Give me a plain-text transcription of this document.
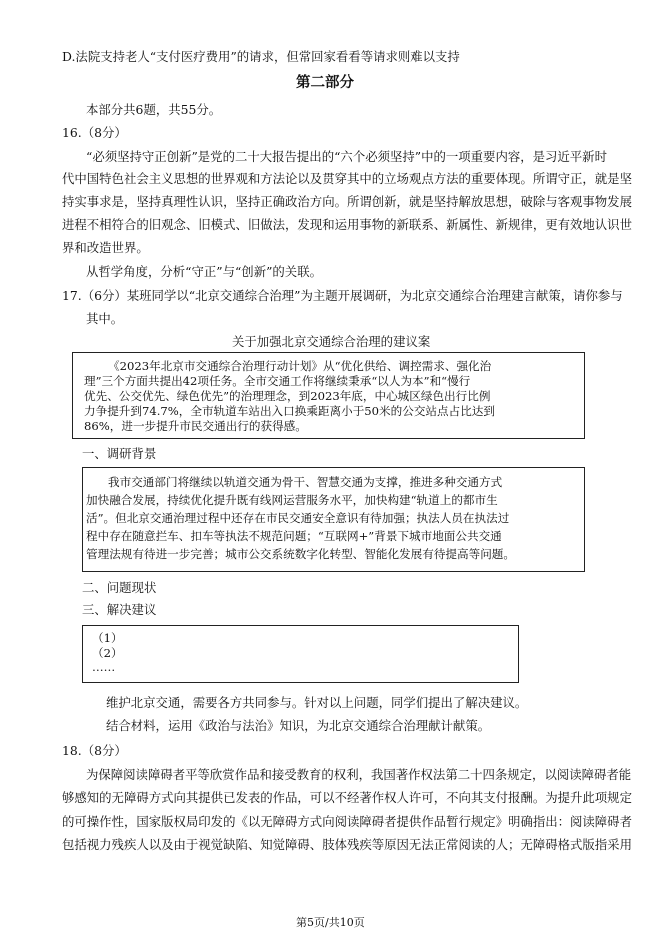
D.法院支持老人“支付医疗费用”的请求，但常回家看看等请求则难以支持
第二部分
本部分共6题，共55分。
16.（8分）
“必须坚持守正创新”是党的二十大报告提出的“六个必须坚持”中的一项重要内容，是习近平新时
代中国特色社会主义思想的世界观和方法论以及贯穿其中的立场观点方法的重要体现。所谓守正，就是坚
持实事求是，坚持真理性认识，坚持正确政治方向。所谓创新，就是坚持解放思想，破除与客观事物发展
进程不相符合的旧观念、旧模式、旧做法，发现和运用事物的新联系、新属性、新规律，更有效地认识世
界和改造世界。
从哲学角度，分析“守正”与“创新”的关联。
17.（6分）某班同学以“北京交通综合治理”为主题开展调研，为北京交通综合治理建言献策，请你参与
其中。
关于加强北京交通综合治理的建议案
《2023年北京市交通综合治理行动计划》从“优化供给、调控需求、强化治
理”三个方面共提出42项任务。全市交通工作将继续秉承“以人为本”和“慢行
优先、公交优先、绿色优先”的治理理念，到2023年底，中心城区绿色出行比例
力争提升到74.7%，全市轨道车站出入口换乘距离小于50米的公交站点占比达到
86%，进一步提升市民交通出行的获得感。
一、调研背景
我市交通部门将继续以轨道交通为骨干、智慧交通为支撑，推进多种交通方式
加快融合发展，持续优化提升既有线网运营服务水平，加快构建“轨道上的都市生
活”。但北京交通治理过程中还存在市民交通安全意识有待加强；执法人员在执法过
程中存在随意拦车、扣车等执法不规范问题；“互联网+”背景下城市地面公共交通
管理法规有待进一步完善；城市公交系统数字化转型、智能化发展有待提高等问题。
二、问题现状
三、解决建议
（1）
（2）
……
维护北京交通，需要各方共同参与。针对以上问题，同学们提出了解决建议。
结合材料，运用《政治与法治》知识，为北京交通综合治理献计献策。
18.（8分）
为保障阅读障碍者平等欣赏作品和接受教育的权利，我国著作权法第二十四条规定，以阅读障碍者能
够感知的无障碍方式向其提供已发表的作品，可以不经著作权人许可，不向其支付报酬。为提升此项规定
的可操作性，国家版权局印发的《以无障碍方式向阅读障碍者提供作品暂行规定》明确指出：阅读障碍者
包括视力残疾人以及由于视觉缺陷、知觉障碍、肢体残疾等原因无法正常阅读的人；无障碍格式版指采用
第5页/共10页
